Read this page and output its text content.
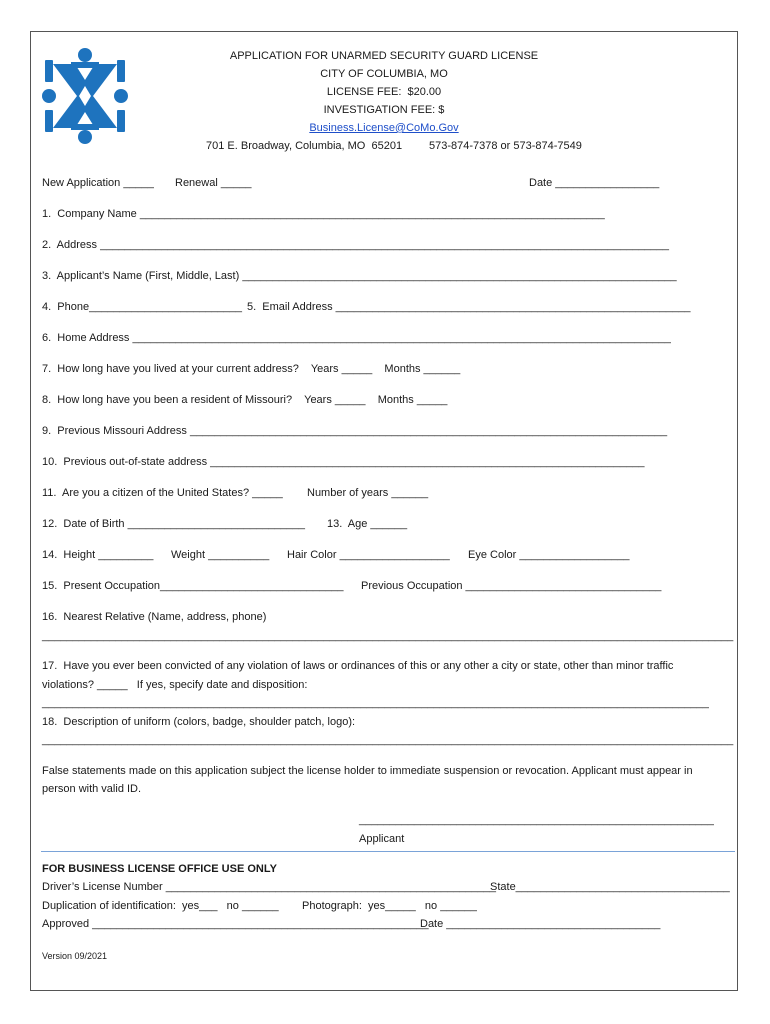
APPLICATION FOR UNARMED SECURITY GUARD LICENSE
CITY OF COLUMBIA, MO
LICENSE FEE:  $20.00
INVESTIGATION FEE: $
Business.License@CoMo.Gov
701 E. Broadway, Columbia, MO  65201 573-874-7378 or 573-874-7549
New Application _____ Renewal _____	Date _________________
1.  Company Name ____________________________________________________________________________
2.  Address _____________________________________________________________________________________________
3.  Applicant’s Name (First, Middle, Last) _______________________________________________________________________
4.  Phone_________________________ 5.  Email Address __________________________________________________________
6.  Home Address ________________________________________________________________________________________
7.  How long have you lived at your current address?    Years _____    Months ______
8.  How long have you been a resident of Missouri?    Years _____    Months _____
9.  Previous Missouri Address ______________________________________________________________________________
10.  Previous out-of-state address _______________________________________________________________________
11.  Are you a citizen of the United States? _____ Number of years ______
12.  Date of Birth _____________________________ 13.  Age ______
14.  Height _________ Weight __________ Hair Color __________________ Eye Color __________________
15.  Present Occupation______________________________ Previous Occupation ________________________________
16.  Nearest Relative (Name, address, phone)
_________________________________________________________________________________________________________________
17.  Have you ever been convicted of any violation of laws or ordinances of this or any other a city or state, other than minor traffic
violations? _____   If yes, specify date and disposition:
_____________________________________________________________________________________________________________
18.  Description of uniform (colors, badge, shoulder patch, logo):
_________________________________________________________________________________________________________________
False statements made on this application subject the license holder to immediate suspension or revocation. Applicant must appear in
person with valid ID.
__________________________________________________________
Applicant
FOR BUSINESS LICENSE OFFICE USE ONLY
Driver’s License Number ______________________________________________________
State___________________________________
Duplication of identification:  yes___   no ______ Photograph:  yes_____   no ______
Approved _______________________________________________________
Date ___________________________________
Version 09/2021
